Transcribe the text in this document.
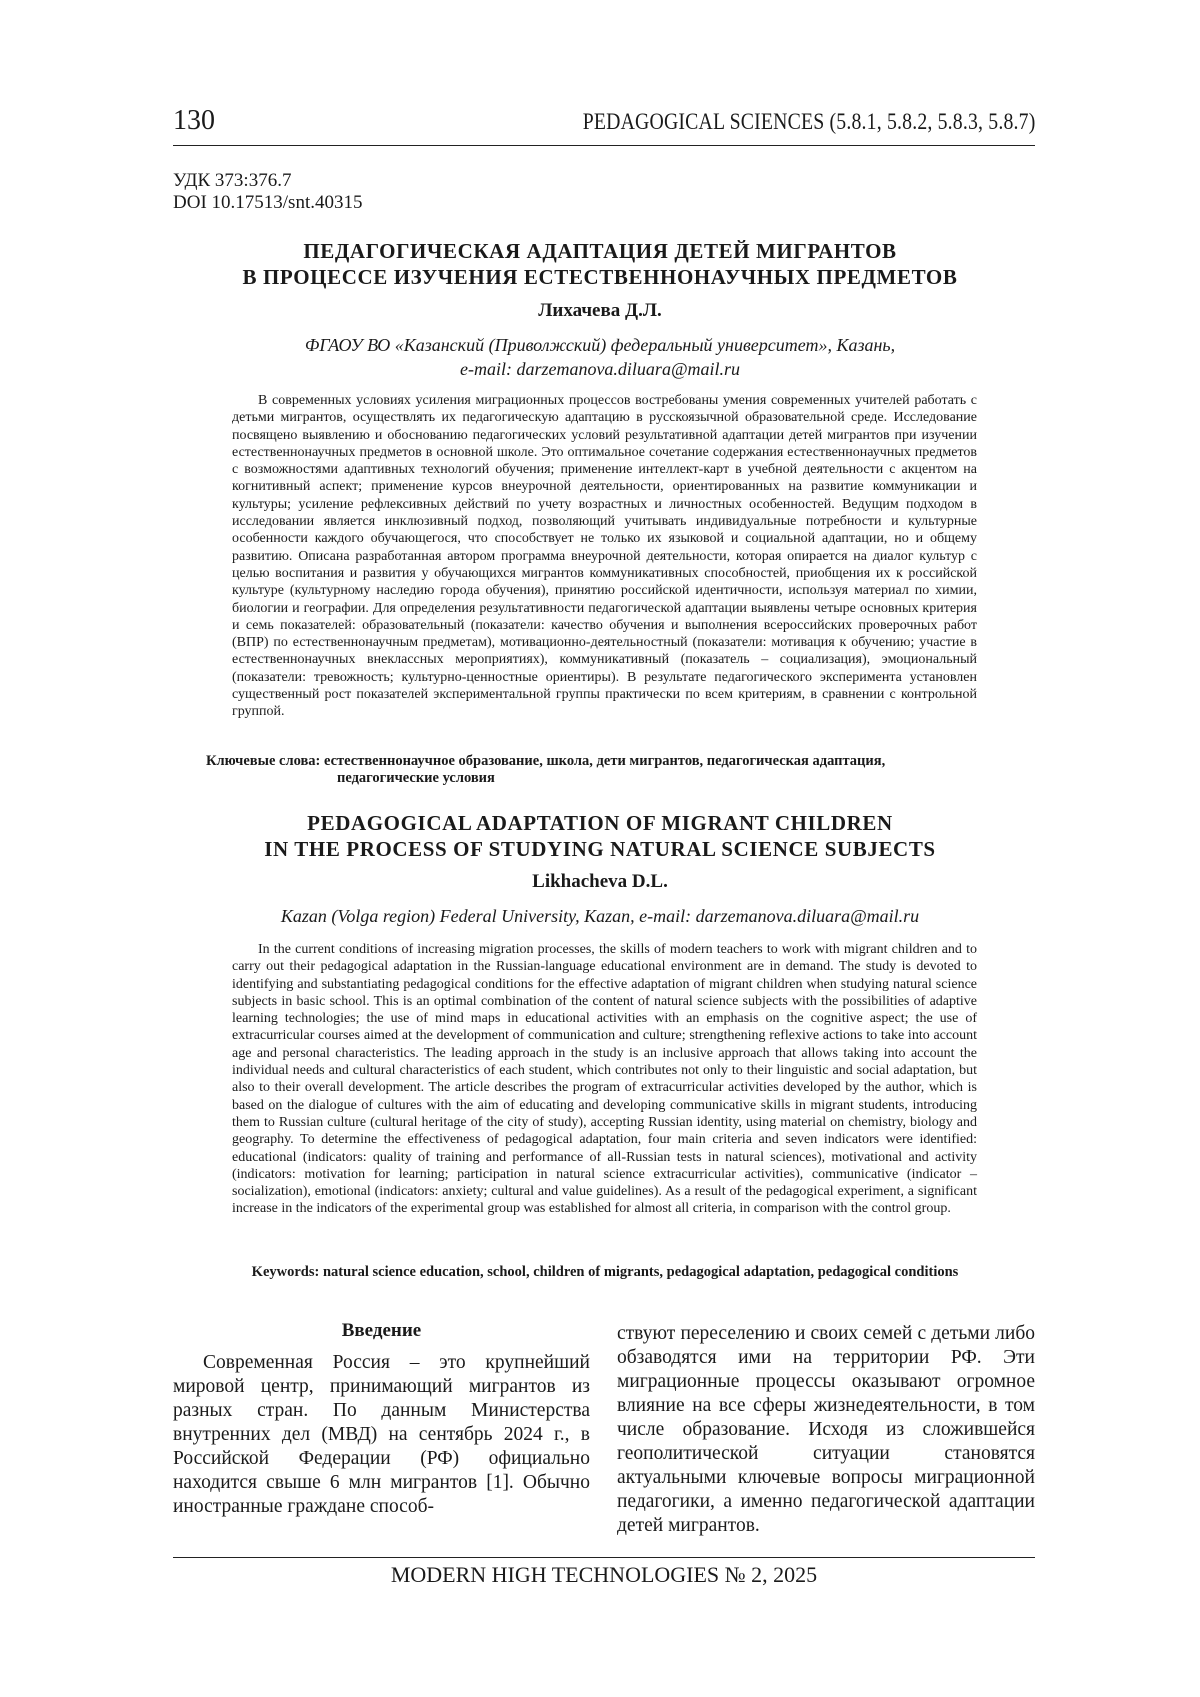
130	PEDAGOGICAL SCIENCES (5.8.1, 5.8.2, 5.8.3, 5.8.7)
УДК 373:376.7
DOI 10.17513/snt.40315
ПЕДАГОГИЧЕСКАЯ АДАПТАЦИЯ ДЕТЕЙ МИГРАНТОВ
В ПРОЦЕССЕ ИЗУЧЕНИЯ ЕСТЕСТВЕННОНАУЧНЫХ ПРЕДМЕТОВ
Лихачева Д.Л.
ФГАОУ ВО «Казанский (Приволжский) федеральный университет», Казань,
e-mail: darzemanova.diluara@mail.ru

В современных условиях усиления миграционных процессов востребованы умения современных учителей работать с детьми мигрантов, осуществлять их педагогическую адаптацию в русскоязычной образовательной среде. Исследование посвящено выявлению и обоснованию педагогических условий результативной адаптации детей мигрантов при изучении естественнонаучных предметов в основной школе. Это оптимальное сочетание содержания естественнонаучных предметов с возможностями адаптивных технологий обучения; применение интеллект-карт в учебной деятельности с акцентом на когнитивный аспект; применение курсов внеурочной деятельности, ориентированных на развитие коммуникации и культуры; усиление рефлексивных действий по учету возрастных и личностных особенностей. Ведущим подходом в исследовании является инклюзивный подход, позволяющий учитывать индивидуальные потребности и культурные особенности каждого обучающегося, что способствует не только их языковой и социальной адаптации, но и общему развитию. Описана разработанная автором программа внеурочной деятельности, которая опирается на диалог культур с целью воспитания и развития у обучающихся мигрантов коммуникативных способностей, приобщения их к российской культуре (культурному наследию города обучения), принятию российской идентичности, используя материал по химии, биологии и географии. Для определения результативности педагогической адаптации выявлены четыре основных критерия и семь показателей: образовательный (показатели: качество обучения и выполнения всероссийских проверочных работ (ВПР) по естественнонаучным предметам), мотивационно-деятельностный (показатели: мотивация к обучению; участие в естественнонаучных внеклассных мероприятиях), коммуникативный (показатель – социализация), эмоциональный (показатели: тревожность; культурно-ценностные ориентиры). В результате педагогического эксперимента установлен существенный рост показателей экспериментальной группы практически по всем критериям, в сравнении с контрольной группой.

Ключевые слова: естественнонаучное образование, школа, дети мигрантов, педагогическая адаптация,
педагогические условия
PEDAGOGICAL ADAPTATION OF MIGRANT CHILDREN
IN THE PROCESS OF STUDYING NATURAL SCIENCE SUBJECTS
Likhacheva D.L.
Kazan (Volga region) Federal University, Kazan, e-mail: darzemanova.diluara@mail.ru

In the current conditions of increasing migration processes, the skills of modern teachers to work with migrant children and to carry out their pedagogical adaptation in the Russian-language educational environment are in demand. The study is devoted to identifying and substantiating pedagogical conditions for the effective adaptation of migrant children when studying natural science subjects in basic school. This is an optimal combination of the content of natural science subjects with the possibilities of adaptive learning technologies; the use of mind maps in educational activities with an emphasis on the cognitive aspect; the use of extracurricular courses aimed at the development of communication and culture; strengthening reflexive actions to take into account age and personal characteristics. The leading approach in the study is an inclusive approach that allows taking into account the individual needs and cultural characteristics of each student, which contributes not only to their linguistic and social adaptation, but also to their overall development. The article describes the program of extracurricular activities developed by the author, which is based on the dialogue of cultures with the aim of educating and developing communicative skills in migrant students, introducing them to Russian culture (cultural heritage of the city of study), accepting Russian identity, using material on chemistry, biology and geography. To determine the effectiveness of pedagogical adaptation, four main criteria and seven indicators were identified: educational (indicators: quality of training and performance of all-Russian tests in natural sciences), motivational and activity (indicators: motivation for learning; participation in natural science extracurricular activities), communicative (indicator – socialization), emotional (indicators: anxiety; cultural and value guidelines). As a result of the pedagogical experiment, a significant increase in the indicators of the experimental group was established for almost all criteria, in comparison with the control group.

Keywords: natural science education, school, children of migrants, pedagogical adaptation, pedagogical conditions
Введение

Современная Россия – это крупнейший мировой центр, принимающий мигрантов из разных стран. По данным Министерства внутренних дел (МВД) на сентябрь 2024 г., в Российской Федерации (РФ) официально находится свыше 6 млн мигрантов [1]. Обычно иностранные граждане способ-

ствуют переселению и своих семей с детьми либо обзаводятся ими на территории РФ. Эти миграционные процессы оказывают огромное влияние на все сферы жизнедеятельности, в том числе образование. Исходя из сложившейся геополитической ситуации становятся актуальными ключевые вопросы миграционной педагогики, а именно педагогической адаптации детей мигрантов.

MODERN HIGH TECHNOLOGIES № 2, 2025
